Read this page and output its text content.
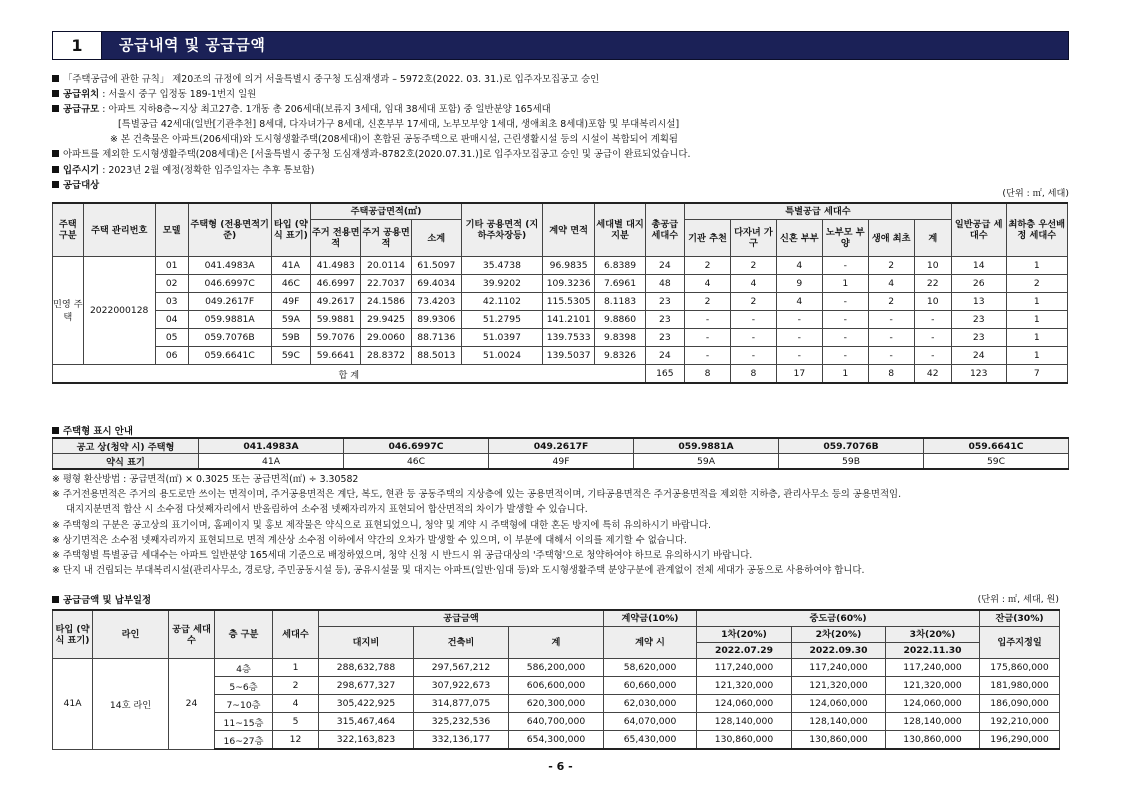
1	공급내역 및 공급금액
「주택공급에 관한 규칙」 제20조의 규정에 의거 서울특별시 중구청 도심재생과 – 5972호(2022. 03. 31.)로 입주자모집공고 승인
공급위치 : 서울시 중구 입정동 189-1번지 일원
공급규모 : 아파트 지하8층~지상 최고27층. 1개동 총 206세대(보류지 3세대, 임대 38세대 포함) 중 일반분양 165세대
[특별공급 42세대(일반[기관추천] 8세대, 다자녀가구 8세대, 신혼부부 17세대, 노부모부양 1세대, 생애최초 8세대)포함 및 부대복리시설]
※ 본 건축물은 아파트(206세대)와 도시형생활주택(208세대)이 혼합된 공동주택으로 판매시설, 근린생활시설 등의 시설이 복합되어 계획됨
아파트를 제외한 도시형생활주택(208세대)은 [서울특별시 중구청 도심재생과-8782호(2020.07.31.)]로 입주자모집공고 승인 및 공급이 완료되었습니다.
입주시기 : 2023년 2월 예정(정확한 입주일자는 추후 통보함)
공급대상
(단위 : ㎡, 세대)
주택 구분	주택 관리번호	모델	주택형 (전용면적기준)	타입 (약식 표기)	주택공급면적(㎡)			기타 공용면적 (지하주차장등)	계약 면적	세대별 대지지분	총공급 세대수	특별공급 세대수						일반공급 세대수	최하층 우선배정 세대수
					주거 전용면적	주거 공용면적	소계					기관 추천	다자녀 가구	신혼 부부	노부모 부양	생애 최초	계		
민영 주택	2022000128	01	041.4983A	41A	41.4983	20.0114	61.5097	35.4738	96.9835	6.8389	24	2	2	4	-	2	10	14	1
		02	046.6997C	46C	46.6997	22.7037	69.4034	39.9202	109.3236	7.6961	48	4	4	9	1	4	22	26	2
		03	049.2617F	49F	49.2617	24.1586	73.4203	42.1102	115.5305	8.1183	23	2	2	4	-	2	10	13	1
		04	059.9881A	59A	59.9881	29.9425	89.9306	51.2795	141.2101	9.8860	23	-	-	-	-	-	-	23	1
		05	059.7076B	59B	59.7076	29.0060	88.7136	51.0397	139.7533	9.8398	23	-	-	-	-	-	-	23	1
		06	059.6641C	59C	59.6641	28.8372	88.5013	51.0024	139.5037	9.8326	24	-	-	-	-	-	-	24	1
합 계											165	8	8	17	1	8	42	123	7
주택형 표시 안내
공고 상(청약 시) 주택형	041.4983A	046.6997C	049.2617F	059.9881A	059.7076B	059.6641C
약식 표기	41A	46C	49F	59A	59B	59C
※ 평형 환산방법 : 공급면적(㎡) × 0.3025 또는 공급면적(㎡) ÷ 3.30582
※ 주거전용면적은 주거의 용도로만 쓰이는 면적이며, 주거공용면적은 계단, 복도, 현관 등 공동주택의 지상층에 있는 공용면적이며, 기타공용면적은 주거공용면적을 제외한 지하층, 관리사무소 등의 공용면적임.
대지지분면적 합산 시 소수점 다섯째자리에서 반올림하여 소수점 넷째자리까지 표현되어 합산면적의 차이가 발생할 수 있습니다.
※ 주택형의 구분은 공고상의 표기이며, 홈페이지 및 홍보 제작물은 약식으로 표현되었으니, 청약 및 계약 시 주택형에 대한 혼돈 방지에 특히 유의하시기 바랍니다.
※ 상기면적은 소수점 넷째자리까지 표현되므로 면적 계산상 소수점 이하에서 약간의 오차가 발생할 수 있으며, 이 부분에 대해서 이의를 제기할 수 없습니다.
※ 주택형별 특별공급 세대수는 아파트 일반분양 165세대 기준으로 배정하였으며, 청약 신청 시 반드시 위 공급대상의 '주택형'으로 청약하여야 하므로 유의하시기 바랍니다.
※ 단지 내 건립되는 부대복리시설(관리사무소, 경로당, 주민공동시설 등), 공유시설물 및 대지는 아파트(일반·임대 등)와 도시형생활주택 분양구분에 관계없이 전체 세대가 공동으로 사용하여야 합니다.
공급금액 및 납부일정	(단위 : ㎡, 세대, 원)
타입 (약식 표기)	라인	공급 세대수	층 구분	세대수	공급금액			계약금(10%)	중도금(60%)			잔금(30%)
					대지비	건축비	계	계약 시	1차(20%)	2차(20%)	3차(20%)	입주지정일
									2022.07.29	2022.09.30	2022.11.30	
41A	14호 라인	24	4층	1	288,632,788	297,567,212	586,200,000	58,620,000	117,240,000	117,240,000	117,240,000	175,860,000
			5~6층	2	298,677,327	307,922,673	606,600,000	60,660,000	121,320,000	121,320,000	121,320,000	181,980,000
			7~10층	4	305,422,925	314,877,075	620,300,000	62,030,000	124,060,000	124,060,000	124,060,000	186,090,000
			11~15층	5	315,467,464	325,232,536	640,700,000	64,070,000	128,140,000	128,140,000	128,140,000	192,210,000
			16~27층	12	322,163,823	332,136,177	654,300,000	65,430,000	130,860,000	130,860,000	130,860,000	196,290,000
- 6 -
